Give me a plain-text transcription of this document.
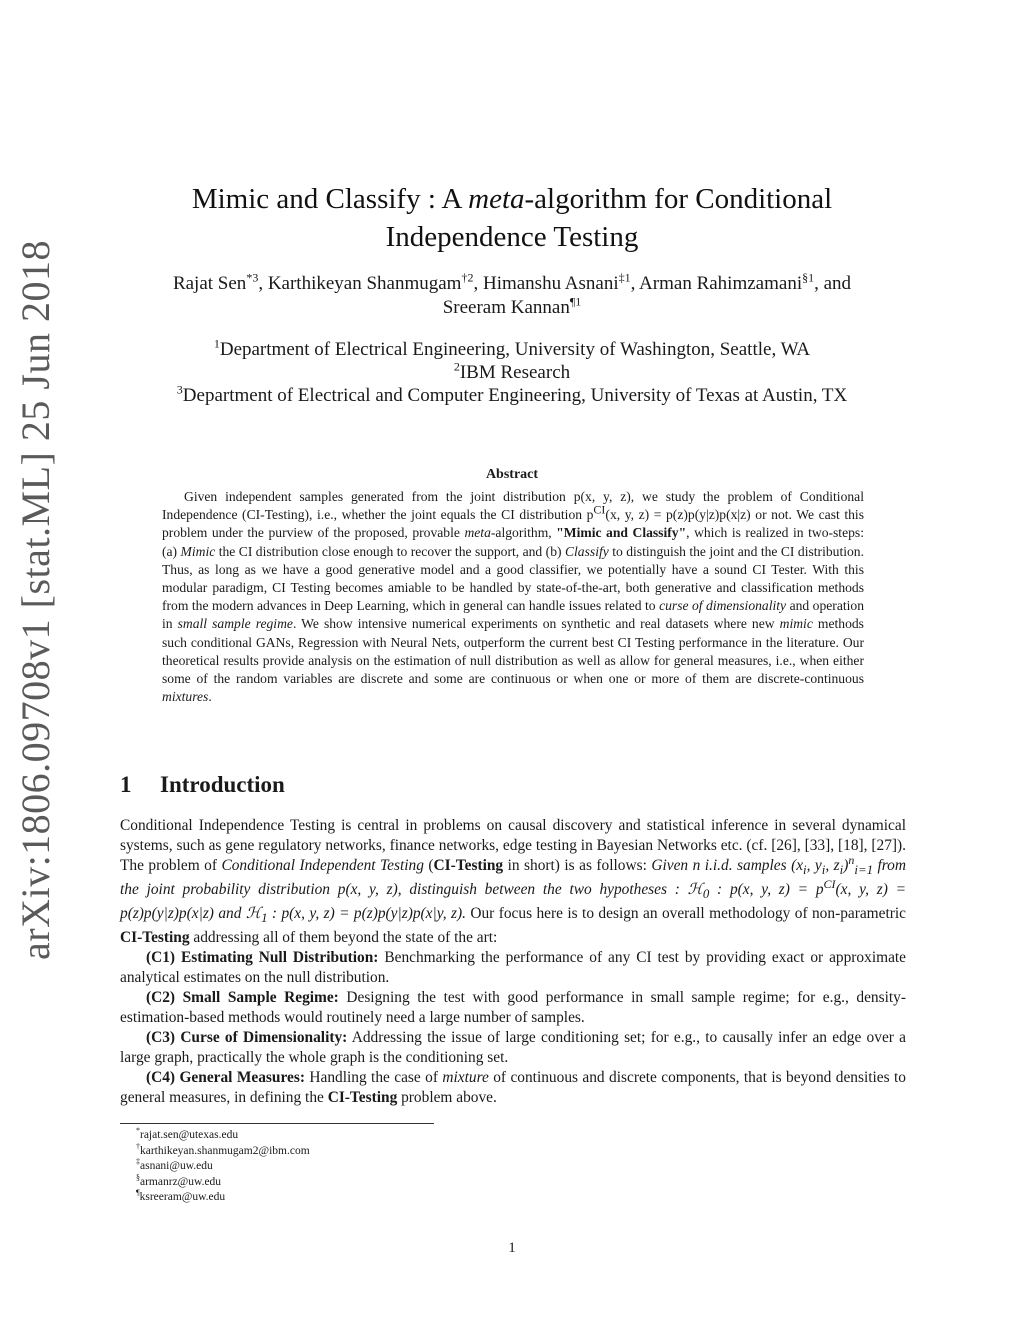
arXiv:1806.09708v1 [stat.ML] 25 Jun 2018
Mimic and Classify : A meta-algorithm for Conditional
Independence Testing
Rajat Sen$^{*3}$, Karthikeyan Shanmugam$^{\dagger 2}$, Himanshu Asnani$^{\ddagger 1}$, Arman Rahimzamani$^{\S 1}$, and
Sreeram Kannan$^{\P 1}$
$^1$Department of Electrical Engineering, University of Washington, Seattle, WA
$^2$IBM Research
$^3$Department of Electrical and Computer Engineering, University of Texas at Austin, TX
Abstract
Given independent samples generated from the joint distribution p(x, y, z), we study the problem of Conditional Independence (CI-Testing), i.e., whether the joint equals the CI distribution $p^{CI}(x$, y, z) = p(z)p(y|z)p(x|z) or not. We cast this problem under the purview of the proposed, provable meta-algorithm, "Mimic and Classify", which is realized in two-steps: (a) Mimic the CI distribution close enough to recover the support, and (b) Classify to distinguish the joint and the CI distribution. Thus, as long as we have a good generative model and a good classifier, we potentially have a sound CI Tester. With this modular paradigm, CI Testing becomes amiable to be handled by state-of-the-art, both generative and classification methods from the modern advances in Deep Learning, which in general can handle issues related to curse of dimensionality and operation in small sample regime. We show intensive numerical experiments on synthetic and real datasets where new mimic methods such conditional GANs, Regression with Neural Nets, outperform the current best CI Testing performance in the literature. Our theoretical results provide analysis on the estimation of null distribution as well as allow for general measures, i.e., when either some of the random variables are discrete and some are continuous or when one or more of them are discrete-continuous mixtures.
1 Introduction

Conditional Independence Testing is central in problems on causal discovery and statistical inference in several dynamical systems, such as gene regulatory networks, finance networks, edge testing in Bayesian Networks etc. (cf. [26], [33], [18], [27]). The problem of Conditional Independent Testing (CI-Testing in short) is as follows: Given n i.i.d. samples ($x_i$, $y_i$, $z_i)^n_{i=1}$ from the joint probability distribution p(x, y, z), distinguish between the two hypotheses : ℋ$_0$ : p(x, y, $z) = p^{CI}(x$, y, z) = p(z)p(y|z)p(x|z) and ℋ$_1$ : p(x, y, z) = p(z)p(y|z)p(x|y, z). Our focus here is to design an overall methodology of non-parametric CI-Testing addressing all of them beyond the state of the art:

(C1) Estimating Null Distribution: Benchmarking the performance of any CI test by providing exact or approximate analytical estimates on the null distribution.

(C2) Small Sample Regime: Designing the test with good performance in small sample regime; for e.g., density-estimation-based methods would routinely need a large number of samples.

(C3) Curse of Dimensionality: Addressing the issue of large conditioning set; for e.g., to causally infer an edge over a large graph, practically the whole graph is the conditioning set.

(C4) General Measures: Handling the case of mixture of continuous and discrete components, that is beyond densities to general measures, in defining the CI-Testing problem above.

*rajat.sen@utexas.edu
†karthikeyan.shanmugam2@ibm.com
‡asnani@uw.edu
§armanrz@uw.edu
¶ksreeram@uw.edu
1
